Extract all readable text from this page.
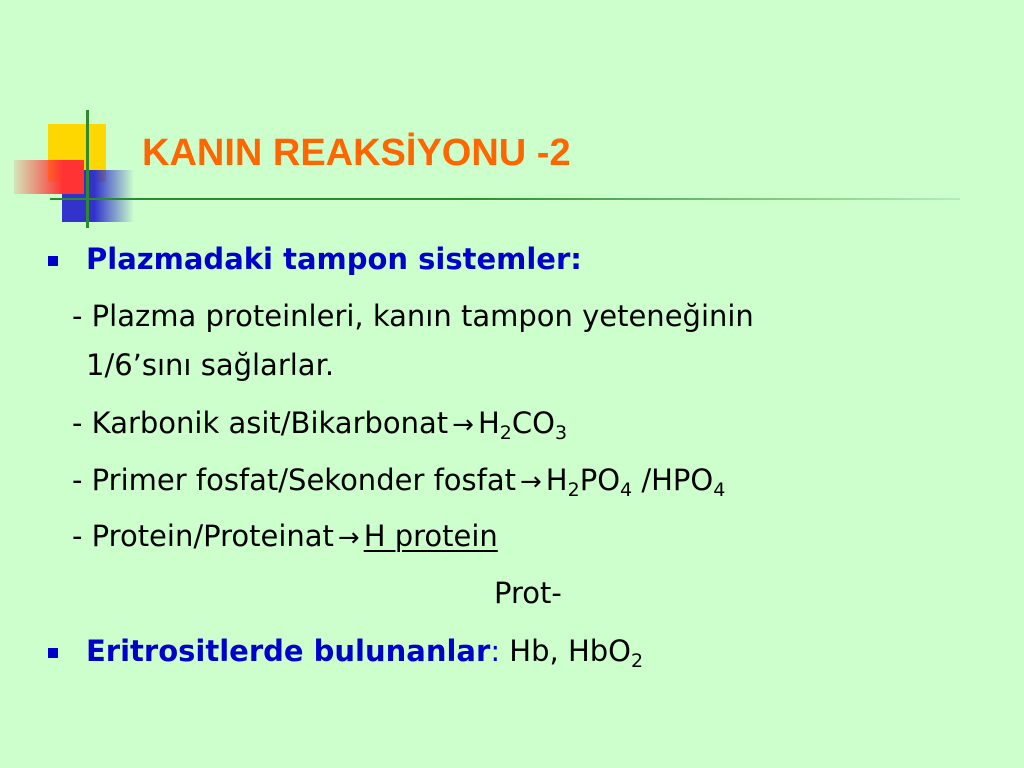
KANIN REAKSİYONU -2
Plazmadaki tampon sistemler:
- Plazma proteinleri, kanın tampon yeteneğinin
1/6’sını sağlarlar.
- Karbonik asit/Bikarbonat → $H_2CO_3$
- Primer fosfat/Sekonder fosfat → $H_2PO_4$ $/HPO_4$
- Protein/Proteinat → H protein
Prot-
Eritrositlerde bulunanlar: Hb, HbO$_2$
